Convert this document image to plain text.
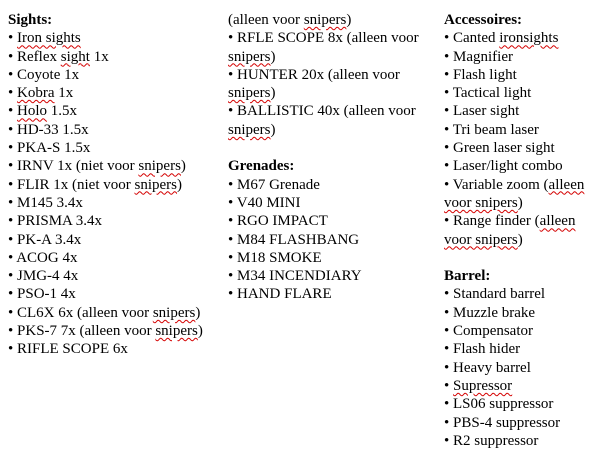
Sights:
• Iron sights
• Reflex sight 1x
• Coyote 1x
• Kobra 1x
• Holo 1.5x
• HD-33 1.5x
• PKA-S 1.5x
• IRNV 1x (niet voor snipers)
• FLIR 1x (niet voor snipers)
• M145 3.4x
• PRISMA 3.4x
• PK-A 3.4x
• ACOG 4x
• JMG-4 4x
• PSO-1 4x
• CL6X 6x (alleen voor snipers)
• PKS-7 7x (alleen voor snipers)
• RIFLE SCOPE 6x
(alleen voor snipers)
• RFLE SCOPE 8x (alleen voor snipers)
• HUNTER 20x (alleen voor snipers)
• BALLISTIC 40x (alleen voor snipers)
Grenades:
• M67 Grenade
• V40 MINI
• RGO IMPACT
• M84 FLASHBANG
• M18 SMOKE
• M34 INCENDIARY
• HAND FLARE
Accessoires:
• Canted ironsights
• Magnifier
• Flash light
• Tactical light
• Laser sight
• Tri beam laser
• Green laser sight
• Laser/light combo
• Variable zoom (alleen voor snipers)
• Range finder (alleen voor snipers)
Barrel:
• Standard barrel
• Muzzle brake
• Compensator
• Flash hider
• Heavy barrel
• Supressor
• LS06 suppressor
• PBS-4 suppressor
• R2 suppressor
